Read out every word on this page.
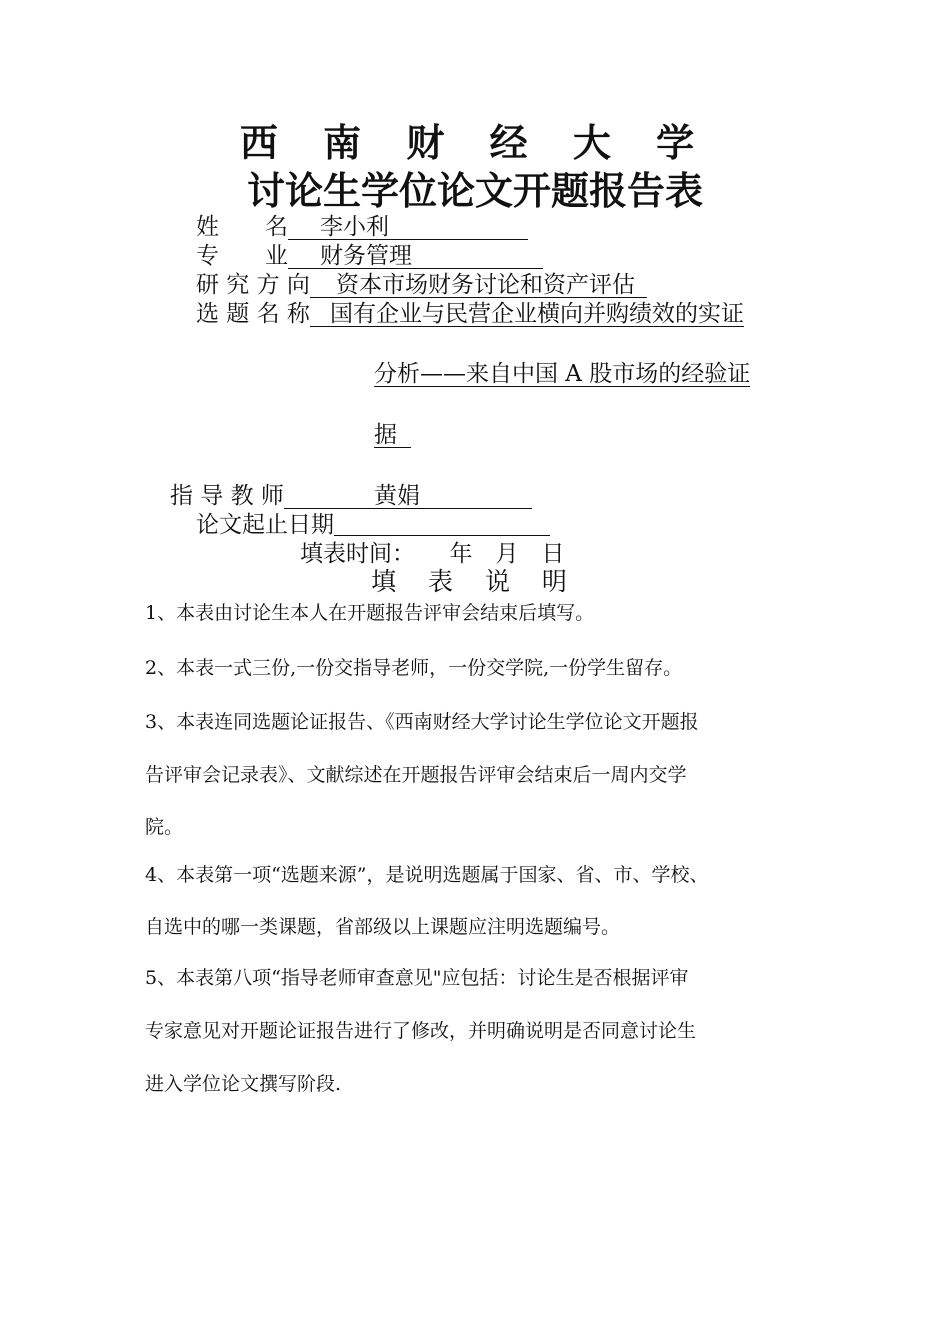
西 南 财 经 大 学
讨论生学位论文开题报告表
姓　　名 李小利
专　　业 财务管理
研 究 方 向 资本市场财务讨论和资产评估
选 题 名 称 国有企业与民营企业横向并购绩效的实证
分析——来自中国 A 股市场的经验证
据
指 导 教 师	黄娟
论文起止日期
填表时间：　　年　月　日
填 表 说 明
1、本表由讨论生本人在开题报告评审会结束后填写。
2、本表一式三份,一份交指导老师，一份交学院,一份学生留存。
3、本表连同选题论证报告、《西南财经大学讨论生学位论文开题报
告评审会记录表》、文献综述在开题报告评审会结束后一周内交学
院。
4、本表第一项“选题来源”，是说明选题属于国家、省、市、学校、
自选中的哪一类课题，省部级以上课题应注明选题编号。
5、本表第八项“指导老师审查意见"应包括：讨论生是否根据评审
专家意见对开题论证报告进行了修改，并明确说明是否同意讨论生
进入学位论文撰写阶段.
